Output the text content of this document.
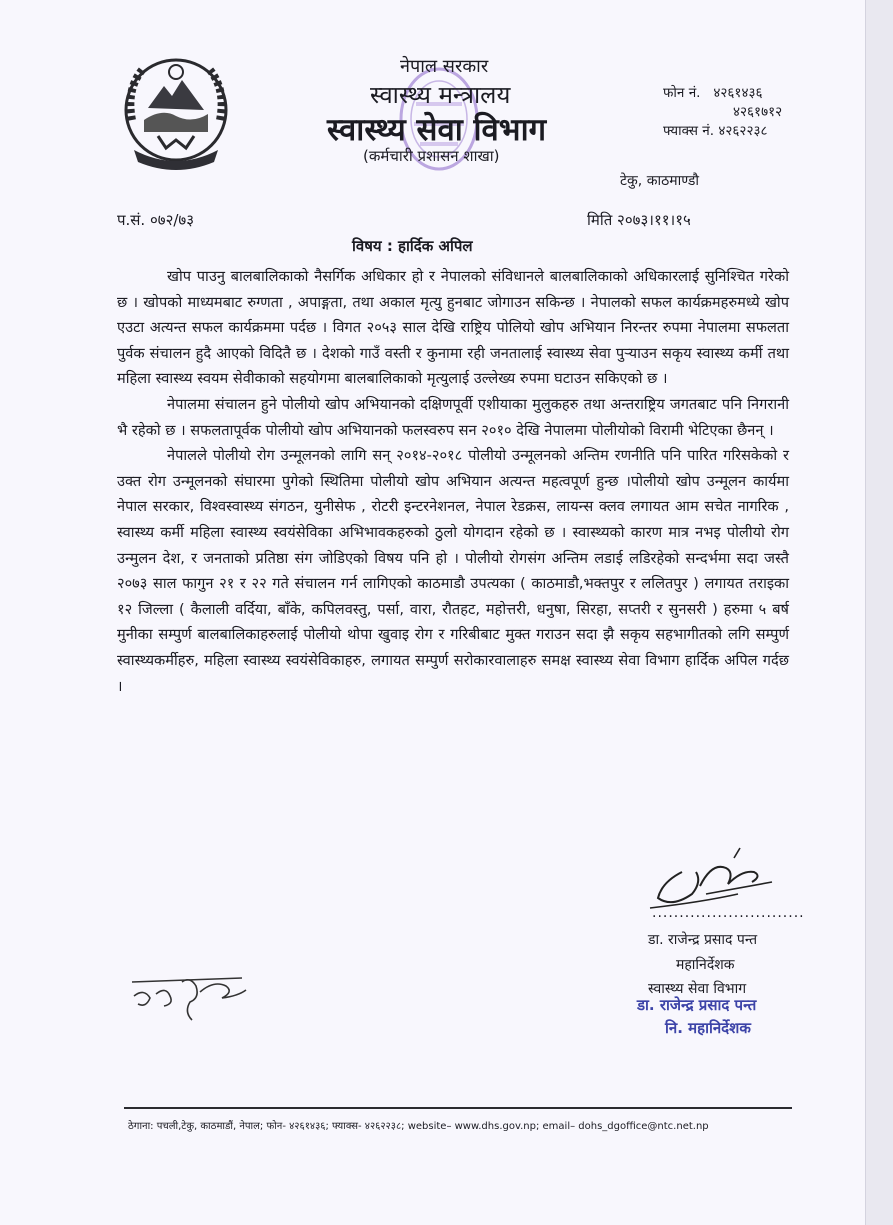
नेपाल सरकार
स्वास्थ्य मन्त्रालय
स्वास्थ्य सेवा विभाग
(कर्मचारी प्रशासन शाखा)
फोन नं. ४२६१४३६
४२६१७१२
फ्याक्स नं. ४२६२२३८
टेकु, काठमाण्डौ
प.सं. ०७२/७३	मिति २०७३।११।१५
विषय : हार्दिक अपिल

खोप पाउनु बालबालिकाको नैसर्गिक अधिकार हो र नेपालको संविधानले बालबालिकाको अधिकारलाई सुनिश्चित गरेको छ । खोपको माध्यमबाट रुग्णता , अपाङ्गता, तथा अकाल मृत्यु हुनबाट जोगाउन सकिन्छ । नेपालको सफल कार्यक्रमहरुमध्ये खोप एउटा अत्यन्त सफल कार्यक्रममा पर्दछ । विगत २०५३ साल देखि राष्ट्रिय पोलियो खोप अभियान निरन्तर रुपमा नेपालमा सफलता पुर्वक संचालन हुदै आएको विदितै छ । देशको गाउँ वस्ती र कुनामा रही जनतालाई स्वास्थ्य सेवा पुऱ्याउन सकृय स्वास्थ्य कर्मी तथा महिला स्वास्थ्य स्वयम सेवीकाको सहयोगमा बालबालिकाको मृत्युलाई उल्लेख्य रुपमा घटाउन सकिएको छ ।

नेपालमा संचालन हुने पोलीयो खोप अभियानको दक्षिणपूर्वी एशीयाका मुलुकहरु तथा अन्तराष्ट्रिय जगतबाट पनि निगरानी भै रहेको छ । सफलतापूर्वक पोलीयो खोप अभियानको फलस्वरुप सन २०१० देखि नेपालमा पोलीयोको विरामी भेटिएका छैनन् ।

नेपालले पोलीयो रोग उन्मूलनको लागि सन् २०१४-२०१८ पोलीयो उन्मूलनको अन्तिम रणनीति पनि पारित गरिसकेको र उक्त रोग उन्मूलनको संघारमा पुगेको स्थितिमा पोलीयो खोप अभियान अत्यन्त महत्वपूर्ण हुन्छ ।पोलीयो खोप उन्मूलन कार्यमा नेपाल सरकार, विश्वस्वास्थ्य संगठन, युनीसेफ , रोटरी इन्टरनेशनल, नेपाल रेडक्रस, लायन्स क्लव लगायत आम सचेत नागरिक , स्वास्थ्य कर्मी महिला स्वास्थ्य स्वयंसेविका अभिभावकहरुको ठुलो योगदान रहेको छ । स्वास्थ्यको कारण मात्र नभइ पोलीयो रोग उन्मुलन देश, र जनताको प्रतिष्ठा संग जोडिएको विषय पनि हो । पोलीयो रोगसंग अन्तिम लडाई लडिरहेको सन्दर्भमा सदा जस्तै २०७३ साल फागुन २१ र २२ गते संचालन गर्न लागिएको काठमाडौ उपत्यका ( काठमाडौ,भक्तपुर र ललितपुर ) लगायत तराइका १२ जिल्ला ( कैलाली वर्दिया, बाँके, कपिलवस्तु, पर्सा, वारा, रौतहट, महोत्तरी, धनुषा, सिरहा, सप्तरी र सुनसरी ) हरुमा ५ बर्ष मुनीका सम्पुर्ण बालबालिकाहरुलाई पोलीयो थोपा खुवाइ रोग र गरिबीबाट मुक्त गराउन सदा झै सकृय सहभागीतको लगि सम्पुर्ण स्वास्थ्यकर्मीहरु, महिला स्वास्थ्य स्वयंसेविकाहरु, लगायत सम्पुर्ण सरोकारवालाहरु समक्ष स्वास्थ्य सेवा विभाग हार्दिक अपिल गर्दछ ।

............................
डा. राजेन्द्र प्रसाद पन्त
महानिर्देशक
स्वास्थ्य सेवा विभाग
डा. राजेन्द्र प्रसाद पन्त
नि. महानिर्देशक
ठेगाना: पचली,टेकु, काठमाडौं, नेपाल; फोन- ४२६१४३६; फ्याक्स- ४२६२२३८; website– www.dhs.gov.np; email– dohs_dgoffice@ntc.net.np
